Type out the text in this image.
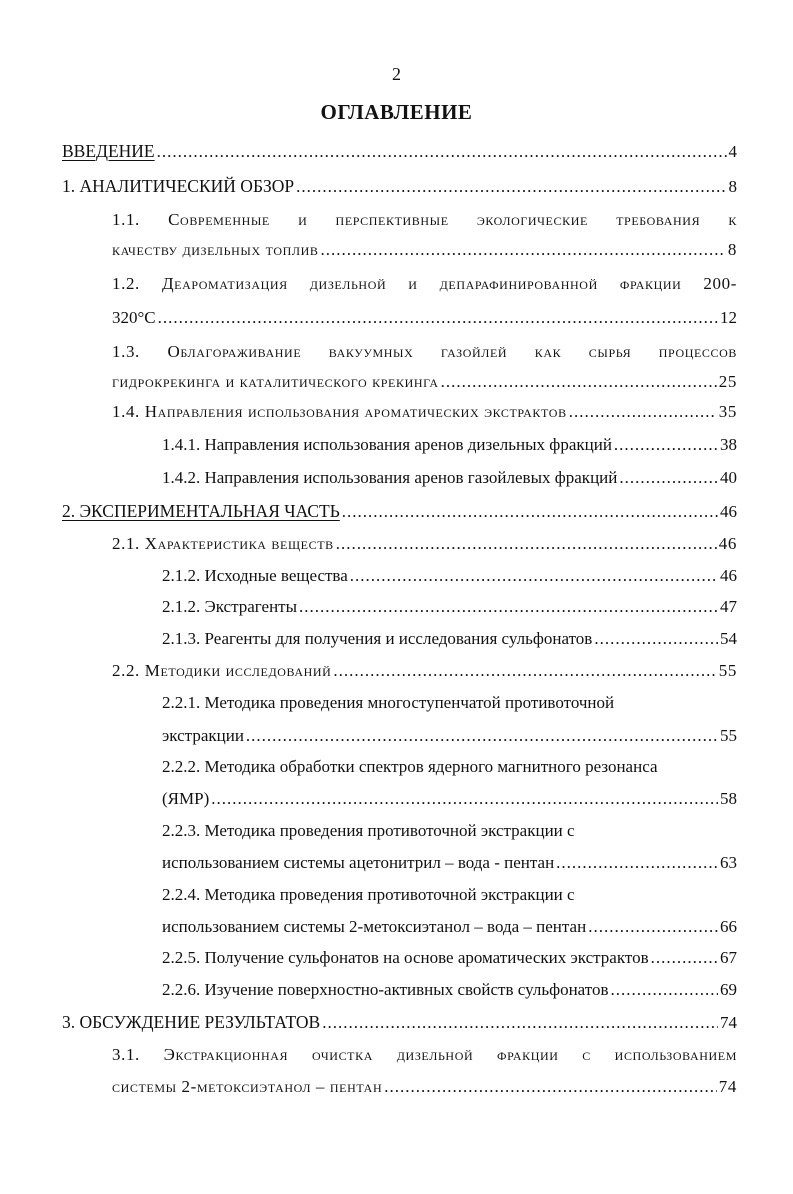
2
ОГЛАВЛЕНИЕ
ВВЕДЕНИЕ .....	4
1. АНАЛИТИЧЕСКИЙ ОБЗОР .....	8
1.1. Современные и перспективные экологические требования к
качеству дизельных топлив .....	8
1.2. Деароматизация дизельной и депарафинированной фракции 200-
320°С .....	12
1.3. Облагораживание вакуумных газойлей как сырья процессов
гидрокрекинга и каталитического крекинга .....	25
1.4. Направления использования ароматических экстрактов .....	35
1.4.1. Направления использования аренов дизельных фракций .....	38
1.4.2. Направления использования аренов газойлевых фракций .....	40
2. ЭКСПЕРИМЕНТАЛЬНАЯ ЧАСТЬ .....	46
2.1. Характеристика веществ .....	46
2.1.2. Исходные вещества .....	46
2.1.2. Экстрагенты .....	47
2.1.3. Реагенты для получения и исследования сульфонатов .....	54
2.2. Методики исследований .....	55
2.2.1. Методика проведения многоступенчатой противоточной
экстракции .....	55
2.2.2. Методика обработки спектров ядерного магнитного резонанса
(ЯМР) .....	58
2.2.3. Методика проведения противоточной экстракции с
использованием системы ацетонитрил – вода - пентан .....	63
2.2.4. Методика проведения противоточной экстракции с
использованием системы 2-метоксиэтанол – вода – пентан .....	66
2.2.5. Получение сульфонатов на основе ароматических экстрактов .....	67
2.2.6. Изучение поверхностно-активных свойств сульфонатов .....	69
3. ОБСУЖДЕНИЕ РЕЗУЛЬТАТОВ .....	74
3.1. Экстракционная очистка дизельной фракции с использованием
системы 2-метоксиэтанол – пентан .....	74
